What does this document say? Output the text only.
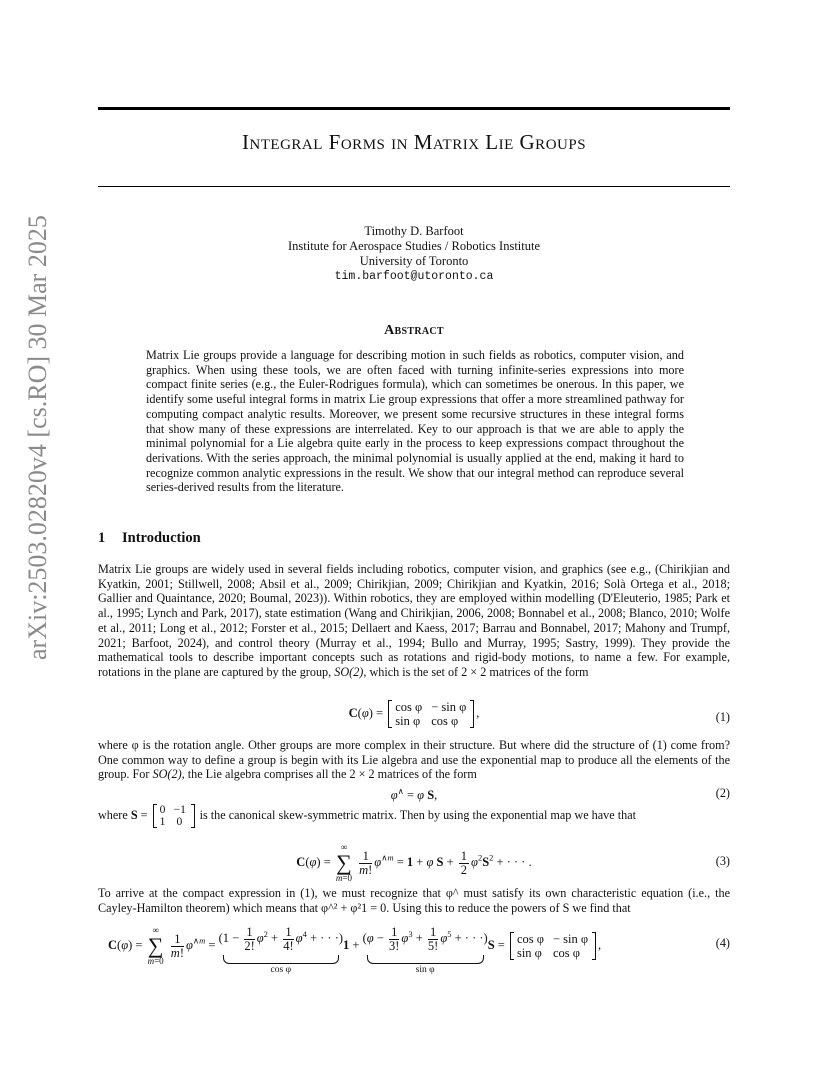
arXiv:2503.02820v4 [cs.RO] 30 Mar 2025
Integral Forms in Matrix Lie Groups
Timothy D. Barfoot
Institute for Aerospace Studies / Robotics Institute
University of Toronto
tim.barfoot@utoronto.ca
Abstract
Matrix Lie groups provide a language for describing motion in such fields as robotics, computer vision, and graphics. When using these tools, we are often faced with turning infinite-series expressions into more compact finite series (e.g., the Euler-Rodrigues formula), which can sometimes be onerous. In this paper, we identify some useful integral forms in matrix Lie group expressions that offer a more streamlined pathway for computing compact analytic results. Moreover, we present some recursive structures in these integral forms that show many of these expressions are interrelated. Key to our approach is that we are able to apply the minimal polynomial for a Lie algebra quite early in the process to keep expressions compact throughout the derivations. With the series approach, the minimal polynomial is usually applied at the end, making it hard to recognize common analytic expressions in the result. We show that our integral method can reproduce several series-derived results from the literature.
1 Introduction
Matrix Lie groups are widely used in several fields including robotics, computer vision, and graphics (see e.g., (Chirikjian and Kyatkin, 2001; Stillwell, 2008; Absil et al., 2009; Chirikjian, 2009; Chirikjian and Kyatkin, 2016; Solà Ortega et al., 2018; Gallier and Quaintance, 2020; Boumal, 2023)). Within robotics, they are employed within modelling (D'Eleuterio, 1985; Park et al., 1995; Lynch and Park, 2017), state estimation (Wang and Chirikjian, 2006, 2008; Bonnabel et al., 2008; Blanco, 2010; Wolfe et al., 2011; Long et al., 2012; Forster et al., 2015; Dellaert and Kaess, 2017; Barrau and Bonnabel, 2017; Mahony and Trumpf, 2021; Barfoot, 2024), and control theory (Murray et al., 1994; Bullo and Murray, 1995; Sastry, 1999). They provide the mathematical tools to describe important concepts such as rotations and rigid-body motions, to name a few. For example, rotations in the plane are captured by the group, SO(2), which is the set of 2 × 2 matrices of the form
C(φ) = cos φ − sin φ
sin φ cos φ
,	(1)
where φ is the rotation angle. Other groups are more complex in their structure. But where did the structure of (1) come from? One common way to define a group is begin with its Lie algebra and use the exponential map to produce all the elements of the group. For SO(2), the Lie algebra comprises all the 2 × 2 matrices of the form
φ∧ = φ S,	(2)
where S = 0 −1
1 0
is the canonical skew-symmetric matrix. Then by using the exponential map we have that
C(φ) =
∞
∑
m=0

$\frac{1}{m!} \varphi^{\wedge m} = 1 + \varphi$ $S + \frac{1}{2} \varphi^2S^2$ + · · · .	(3)
To arrive at the compact expression in (1), we must recognize that φ^ must satisfy its own characteristic equation (i.e., the Cayley-Hamilton theorem) which means that φ^² + φ²1 = 0. Using this to reduce the powers of S we find that
C(φ) =
∞
∑
m=0

$\frac{1}{m!} \varphi^{\wedge m} = (1 - \frac{1}{2!} \varphi^2 + \frac{1}{4!} \varphi^4$ + · · ·)
cos φ
$1 + (\varphi - \frac{1}{3!} \varphi^3 + \frac{1}{5!} \varphi^5$ + · · ·)
sin φ
S = cos φ − sin φ
sin φ cos φ
,	(4)
